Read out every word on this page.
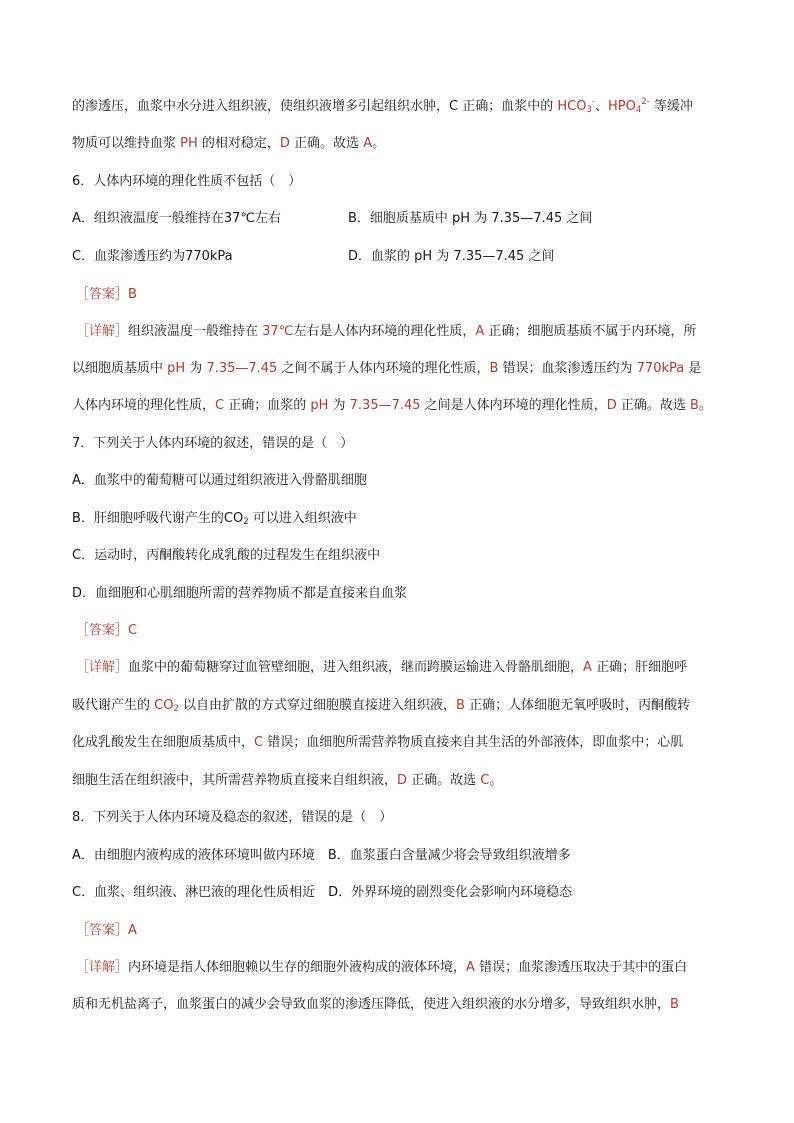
的渗透压，血浆中水分进入组织液，使组织液增多引起组织水肿，C 正确；血浆中的 $HCO_3^-$、$HPO_4^{2-}$ 等缓冲
物质可以维持血浆 PH 的相对稳定，D 正确。故选 A。
6．人体内环境的理化性质不包括（　）
A．组织液温度一般维持在37℃左右	B．细胞质基质中 pH 为 7.35—7.45 之间
C．血浆渗透压约为770kPa	D．血浆的 pH 为 7.35—7.45 之间
［答案］B
［详解］组织液温度一般维持在 37℃左右是人体内环境的理化性质，A 正确；细胞质基质不属于内环境，所
以细胞质基质中 pH 为 7.35—7.45 之间不属于人体内环境的理化性质，B 错误；血浆渗透压约为 770kPa 是
人体内环境的理化性质，C 正确；血浆的 pH 为 7.35—7.45 之间是人体内环境的理化性质，D 正确。故选 B。
7．下列关于人体内环境的叙述，错误的是（　）
A．血浆中的葡萄糖可以通过组织液进入骨骼肌细胞
B．肝细胞呼吸代谢产生的$CO_2$ 可以进入组织液中
C．运动时，丙酮酸转化成乳酸的过程发生在组织液中
D．血细胞和心肌细胞所需的营养物质不都是直接来自血浆
［答案］C
［详解］血浆中的葡萄糖穿过血管壁细胞，进入组织液，继而跨膜运输进入骨骼肌细胞，A 正确；肝细胞呼
吸代谢产生的 $CO_2$ 以自由扩散的方式穿过细胞膜直接进入组织液，B 正确；人体细胞无氧呼吸时，丙酮酸转
化成乳酸发生在细胞质基质中，C 错误；血细胞所需营养物质直接来自其生活的外部液体，即血浆中；心肌
细胞生活在组织液中，其所需营养物质直接来自组织液，D 正确。故选 C。
8．下列关于人体内环境及稳态的叙述，错误的是（　）
A．由细胞内液构成的液体环境叫做内环境　B．血浆蛋白含量减少将会导致组织液增多
C．血浆、组织液、淋巴液的理化性质相近　D．外界环境的剧烈变化会影响内环境稳态
［答案］A
［详解］内环境是指人体细胞赖以生存的细胞外液构成的液体环境，A 错误；血浆渗透压取决于其中的蛋白
质和无机盐离子，血浆蛋白的减少会导致血浆的渗透压降低，使进入组织液的水分增多，导致组织水肿，B
